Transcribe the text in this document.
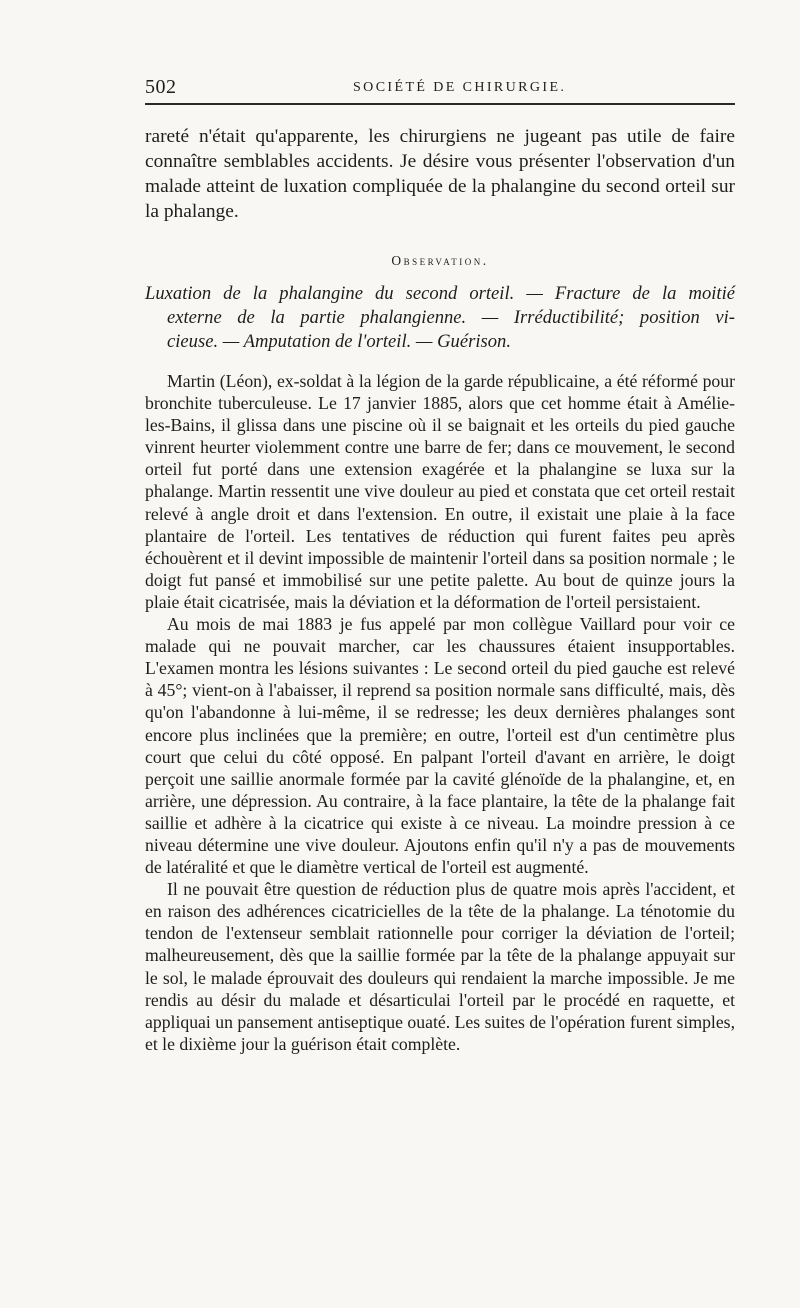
502	SOCIÉTÉ DE CHIRURGIE.

rareté n'était qu'apparente, les chirurgiens ne jugeant pas utile de faire connaître semblables accidents. Je désire vous présenter l'observation d'un malade atteint de luxation compliquée de la phalangine du second orteil sur la phalange.

Observation.
Luxation de la phalangine du second orteil. — Fracture de la moitié
externe de la partie phalangienne. — Irréductibilité; position vi-
cieuse. — Amputation de l'orteil. — Guérison.

Martin (Léon), ex-soldat à la légion de la garde républicaine, a été réformé pour bronchite tuberculeuse. Le 17 janvier 1885, alors que cet homme était à Amélie-les-Bains, il glissa dans une piscine où il se baignait et les orteils du pied gauche vinrent heurter violemment contre une barre de fer; dans ce mouvement, le second orteil fut porté dans une extension exagérée et la phalangine se luxa sur la phalange. Martin ressentit une vive douleur au pied et constata que cet orteil restait relevé à angle droit et dans l'extension. En outre, il existait une plaie à la face plantaire de l'orteil. Les tentatives de réduction qui furent faites peu après échouèrent et il devint impossible de maintenir l'orteil dans sa position normale ; le doigt fut pansé et immobilisé sur une petite palette. Au bout de quinze jours la plaie était cicatrisée, mais la déviation et la déformation de l'orteil persistaient.

Au mois de mai 1883 je fus appelé par mon collègue Vaillard pour voir ce malade qui ne pouvait marcher, car les chaussures étaient insupportables. L'examen montra les lésions suivantes : Le second orteil du pied gauche est relevé à 45°; vient-on à l'abaisser, il reprend sa position normale sans difficulté, mais, dès qu'on l'abandonne à lui-même, il se redresse; les deux dernières phalanges sont encore plus inclinées que la première; en outre, l'orteil est d'un centimètre plus court que celui du côté opposé. En palpant l'orteil d'avant en arrière, le doigt perçoit une saillie anormale formée par la cavité glénoïde de la phalangine, et, en arrière, une dépression. Au contraire, à la face plantaire, la tête de la phalange fait saillie et adhère à la cicatrice qui existe à ce niveau. La moindre pression à ce niveau détermine une vive douleur. Ajoutons enfin qu'il n'y a pas de mouvements de latéralité et que le diamètre vertical de l'orteil est augmenté.

Il ne pouvait être question de réduction plus de quatre mois après l'accident, et en raison des adhérences cicatricielles de la tête de la phalange. La ténotomie du tendon de l'extenseur semblait rationnelle pour corriger la déviation de l'orteil; malheureusement, dès que la saillie formée par la tête de la phalange appuyait sur le sol, le malade éprouvait des douleurs qui rendaient la marche impossible. Je me rendis au désir du malade et désarticulai l'orteil par le procédé en raquette, et appliquai un pansement antiseptique ouaté. Les suites de l'opération furent simples, et le dixième jour la guérison était complète.
